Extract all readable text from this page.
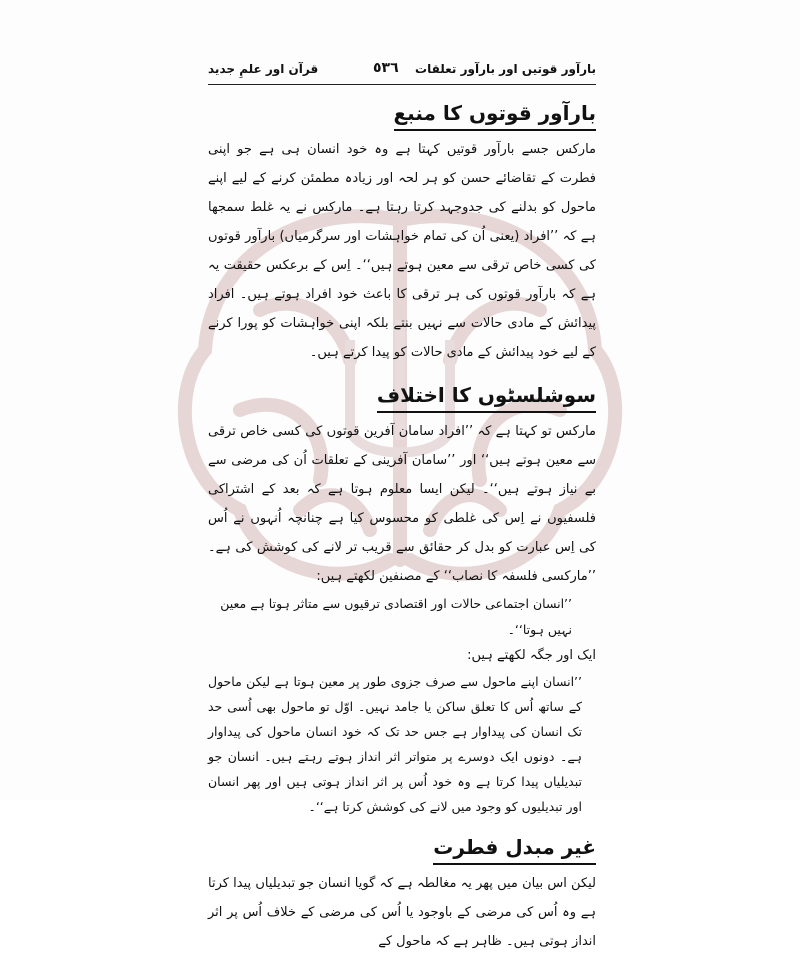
بارآور قوتیں اور بارآور تعلقات
٥٣٦
قرآن اور علمِ جدید
بارآور قوتوں کا منبع

مارکس جسے بارآور قوتیں کہتا ہے وہ خود انسان ہی ہے جو اپنی فطرت کے تقاضائے حسن کو ہر لحہ اور زیادہ مطمئن کرنے کے لیے اپنے ماحول کو بدلنے کی جدوجہد کرتا رہتا ہے۔ مارکس نے یہ غلط سمجھا ہے کہ ’’افراد (یعنی اُن کی تمام خواہشات اور سرگرمیاں) بارآور قوتوں کی کسی خاص ترقی سے معین ہوتے ہیں‘‘۔ اِس کے برعکس حقیقت یہ ہے کہ بارآور قوتوں کی ہر ترقی کا باعث خود افراد ہوتے ہیں۔ افراد پیدائش کے مادی حالات سے نہیں بنتے بلکہ اپنی خواہشات کو پورا کرنے کے لیے خود پیدائش کے مادی حالات کو پیدا کرتے ہیں۔

سوشلسٹوں کا اختلاف

مارکس تو کہتا ہے کہ ’’افراد سامان آفرین قوتوں کی کسی خاص ترقی سے معین ہوتے ہیں‘‘ اور ’’سامان آفرینی کے تعلقات اُن کی مرضی سے بے نیاز ہوتے ہیں‘‘۔ لیکن ایسا معلوم ہوتا ہے کہ بعد کے اشتراکی فلسفیوں نے اِس کی غلطی کو محسوس کیا ہے چنانچہ اُنہوں نے اُس کی اِس عبارت کو بدل کر حقائق سے قریب تر لانے کی کوشش کی ہے۔ ’’مارکسی فلسفہ کا نصاب‘‘ کے مصنفین لکھتے ہیں:

’’انسان اجتماعی حالات اور اقتصادی ترقیوں سے متاثر ہوتا ہے معین نہیں ہوتا‘‘۔

ایک اور جگہ لکھتے ہیں:

’’انسان اپنے ماحول سے صرف جزوی طور پر معین ہوتا ہے لیکن ماحول کے ساتھ اُس کا تعلق ساکن یا جامد نہیں۔ اوّل تو ماحول بھی اُسی حد تک انسان کی پیداوار ہے جس حد تک کہ خود انسان ماحول کی پیداوار ہے۔ دونوں ایک دوسرے پر متواتر اثر انداز ہوتے رہتے ہیں۔ انسان جو تبدیلیاں پیدا کرتا ہے وہ خود اُس پر اثر انداز ہوتی ہیں اور پھر انسان اور تبدیلیوں کو وجود میں لانے کی کوشش کرتا ہے‘‘۔

غیر مبدل فطرت

لیکن اس بیان میں پھر یہ مغالطہ ہے کہ گویا انسان جو تبدیلیاں پیدا کرتا ہے وہ اُس کی مرضی کے باوجود یا اُس کی مرضی کے خلاف اُس پر اثر انداز ہوتی ہیں۔ ظاہر ہے کہ ماحول کے
